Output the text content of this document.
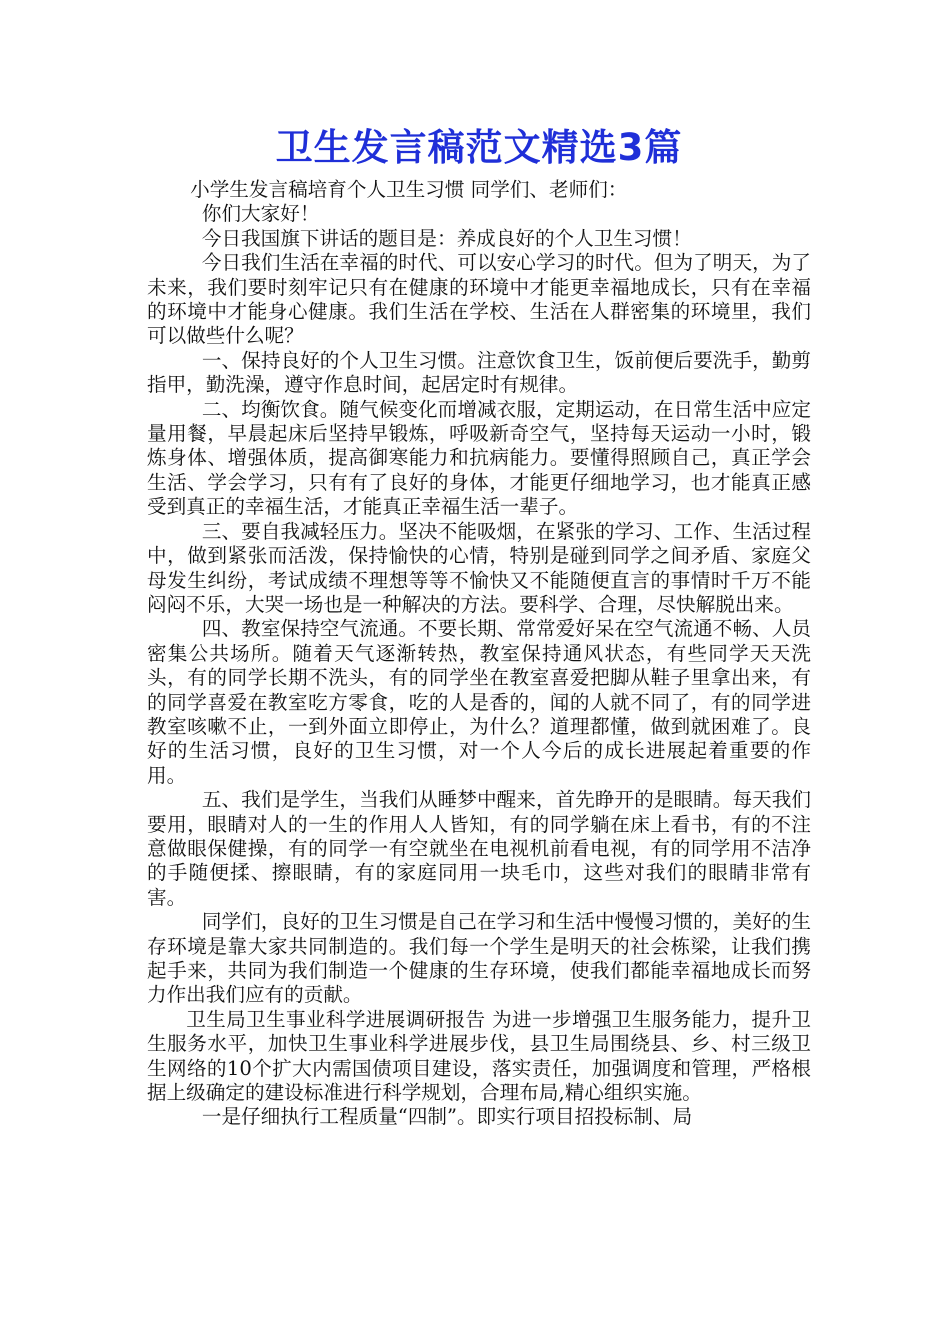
卫生发言稿范文精选3篇

小学生发言稿培育个人卫生习惯 同学们、老师们：

你们大家好！

今日我国旗下讲话的题目是：养成良好的个人卫生习惯！

今日我们生活在幸福的时代、可以安心学习的时代。但为了明天，为了未来，我们要时刻牢记只有在健康的环境中才能更幸福地成长，只有在幸福的环境中才能身心健康。我们生活在学校、生活在人群密集的环境里，我们可以做些什么呢？

一、保持良好的个人卫生习惯。注意饮食卫生，饭前便后要洗手，勤剪指甲，勤洗澡，遵守作息时间，起居定时有规律。

二、均衡饮食。随气候变化而增减衣服，定期运动，在日常生活中应定量用餐，早晨起床后坚持早锻炼，呼吸新奇空气，坚持每天运动一小时，锻炼身体、增强体质，提高御寒能力和抗病能力。要懂得照顾自己，真正学会生活、学会学习，只有有了良好的身体，才能更仔细地学习，也才能真正感受到真正的幸福生活，才能真正幸福生活一辈子。

三、要自我减轻压力。坚决不能吸烟，在紧张的学习、工作、生活过程中，做到紧张而活泼，保持愉快的心情，特别是碰到同学之间矛盾、家庭父母发生纠纷，考试成绩不理想等等不愉快又不能随便直言的事情时千万不能闷闷不乐，大哭一场也是一种解决的方法。要科学、合理，尽快解脱出来。

四、教室保持空气流通。不要长期、常常爱好呆在空气流通不畅、人员密集公共场所。随着天气逐渐转热，教室保持通风状态，有些同学天天洗头，有的同学长期不洗头，有的同学坐在教室喜爱把脚从鞋子里拿出来，有的同学喜爱在教室吃方零食，吃的人是香的，闻的人就不同了，有的同学进教室咳嗽不止，一到外面立即停止，为什么？道理都懂，做到就困难了。良好的生活习惯，良好的卫生习惯，对一个人今后的成长进展起着重要的作用。

五、我们是学生，当我们从睡梦中醒来，首先睁开的是眼睛。每天我们要用，眼睛对人的一生的作用人人皆知，有的同学躺在床上看书，有的不注意做眼保健操，有的同学一有空就坐在电视机前看电视，有的同学用不洁净的手随便揉、擦眼睛，有的家庭同用一块毛巾，这些对我们的眼睛非常有害。

同学们，良好的卫生习惯是自己在学习和生活中慢慢习惯的，美好的生存环境是靠大家共同制造的。我们每一个学生是明天的社会栋梁，让我们携起手来，共同为我们制造一个健康的生存环境，使我们都能幸福地成长而努力作出我们应有的贡献。

卫生局卫生事业科学进展调研报告 为进一步增强卫生服务能力，提升卫生服务水平，加快卫生事业科学进展步伐，县卫生局围绕县、乡、村三级卫生网络的10个扩大内需国债项目建设，落实责任，加强调度和管理，严格根据上级确定的建设标准进行科学规划，合理布局,精心组织实施。

一是仔细执行工程质量“四制”。即实行项目招投标制、局
